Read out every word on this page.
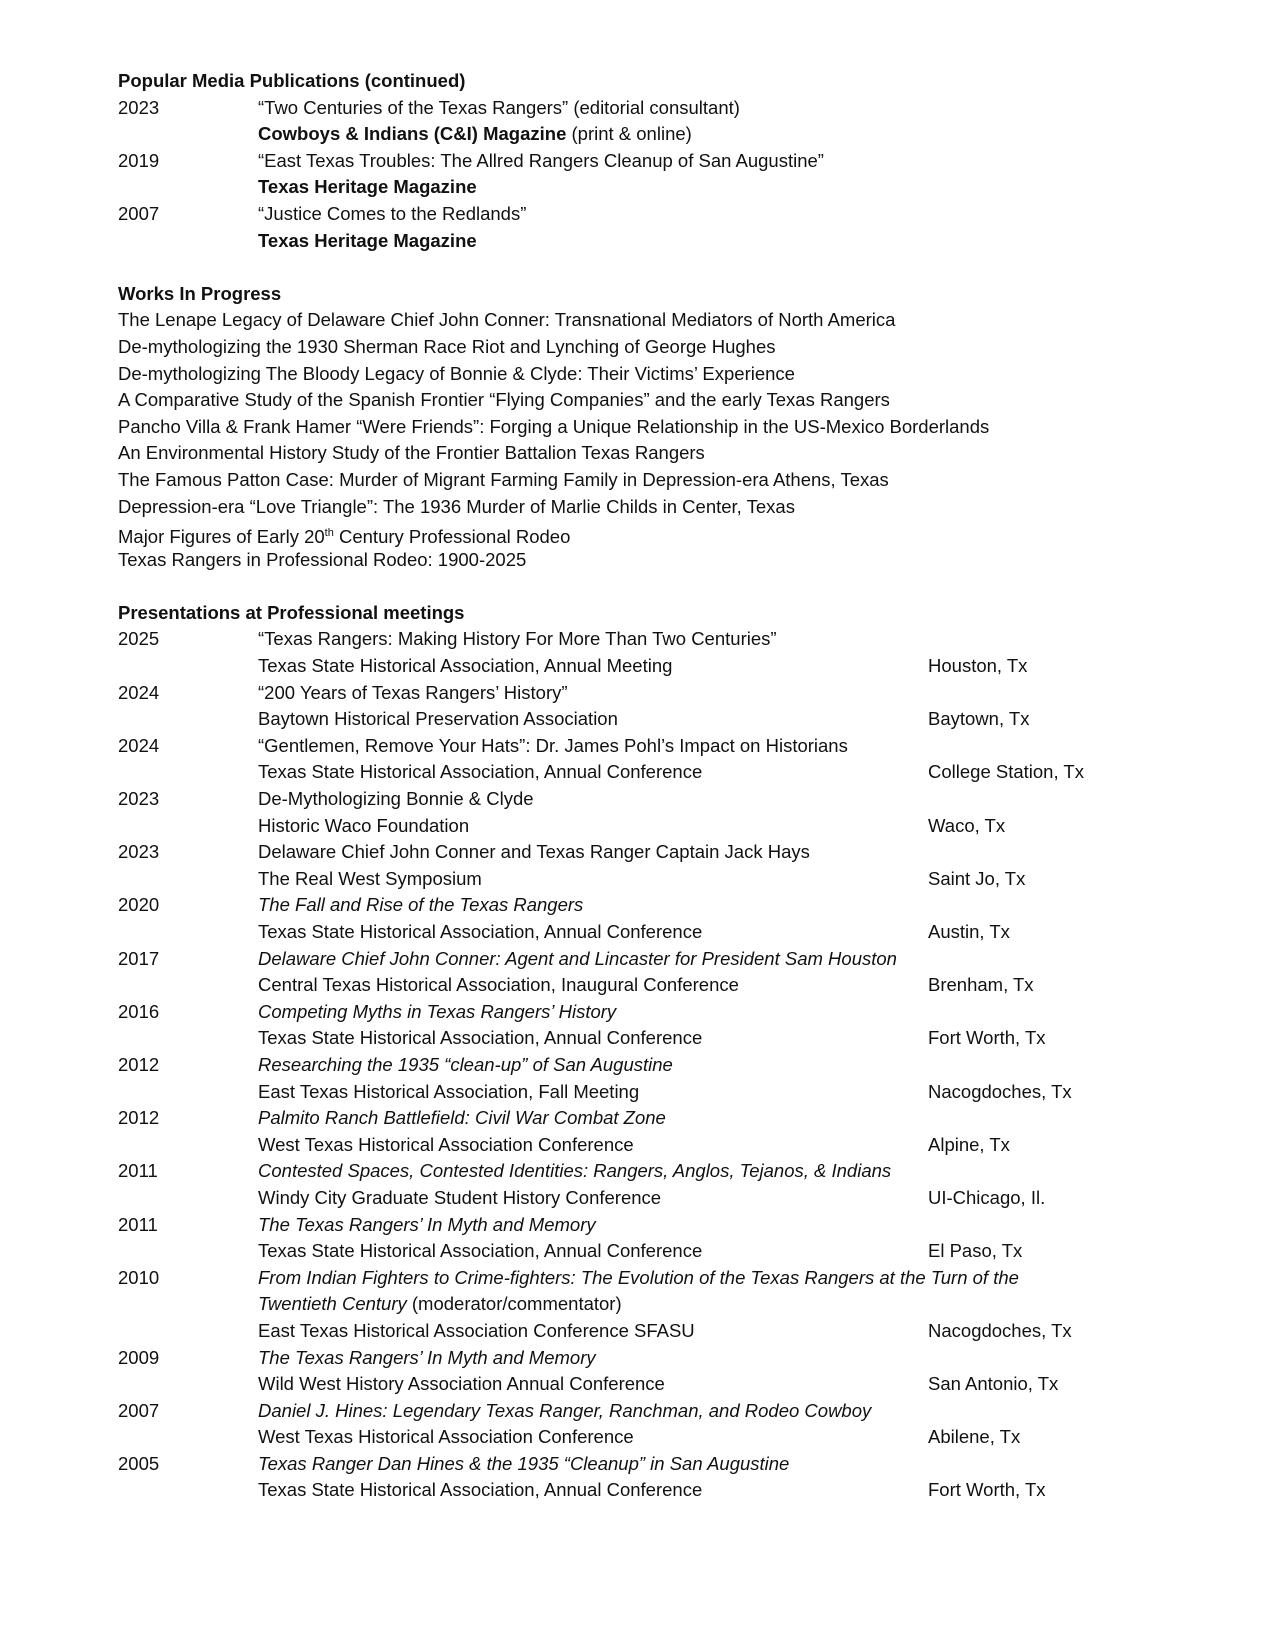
Popular Media Publications (continued)
2023	“Two Centuries of the Texas Rangers” (editorial consultant)
Cowboys & Indians (C&I) Magazine (print & online)
2019	“East Texas Troubles: The Allred Rangers Cleanup of San Augustine”
Texas Heritage Magazine
2007	“Justice Comes to the Redlands”
Texas Heritage Magazine
Works In Progress
The Lenape Legacy of Delaware Chief John Conner: Transnational Mediators of North America
De-mythologizing the 1930 Sherman Race Riot and Lynching of George Hughes
De-mythologizing The Bloody Legacy of Bonnie & Clyde: Their Victims’ Experience
A Comparative Study of the Spanish Frontier “Flying Companies” and the early Texas Rangers
Pancho Villa & Frank Hamer “Were Friends”: Forging a Unique Relationship in the US-Mexico Borderlands
An Environmental History Study of the Frontier Battalion Texas Rangers
The Famous Patton Case: Murder of Migrant Farming Family in Depression-era Athens, Texas
Depression-era “Love Triangle”: The 1936 Murder of Marlie Childs in Center, Texas
Major Figures of Early 20th Century Professional Rodeo
Texas Rangers in Professional Rodeo: 1900-2025
Presentations at Professional meetings
2025	“Texas Rangers: Making History For More Than Two Centuries”
Texas State Historical Association, Annual Meeting	Houston, Tx
2024	“200 Years of Texas Rangers’ History”
Baytown Historical Preservation Association	Baytown, Tx
2024	“Gentlemen, Remove Your Hats”: Dr. James Pohl’s Impact on Historians
Texas State Historical Association, Annual Conference	College Station, Tx
2023	De-Mythologizing Bonnie & Clyde
Historic Waco Foundation	Waco, Tx
2023	Delaware Chief John Conner and Texas Ranger Captain Jack Hays
The Real West Symposium	Saint Jo, Tx
2020	The Fall and Rise of the Texas Rangers
Texas State Historical Association, Annual Conference	Austin, Tx
2017	Delaware Chief John Conner: Agent and Lincaster for President Sam Houston
Central Texas Historical Association, Inaugural Conference	Brenham, Tx
2016	Competing Myths in Texas Rangers’ History
Texas State Historical Association, Annual Conference	Fort Worth, Tx
2012	Researching the 1935 “clean-up” of San Augustine
East Texas Historical Association, Fall Meeting	Nacogdoches, Tx
2012	Palmito Ranch Battlefield: Civil War Combat Zone
West Texas Historical Association Conference	Alpine, Tx
2011	Contested Spaces, Contested Identities: Rangers, Anglos, Tejanos, & Indians
Windy City Graduate Student History Conference	UI-Chicago, Il.
2011	The Texas Rangers’ In Myth and Memory
Texas State Historical Association, Annual Conference	El Paso, Tx
2010	From Indian Fighters to Crime-fighters: The Evolution of the Texas Rangers at the Turn of the
Twentieth Century (moderator/commentator)
East Texas Historical Association Conference SFASU	Nacogdoches, Tx
2009	The Texas Rangers’ In Myth and Memory
Wild West History Association Annual Conference	San Antonio, Tx
2007	Daniel J. Hines: Legendary Texas Ranger, Ranchman, and Rodeo Cowboy
West Texas Historical Association Conference	Abilene, Tx
2005	Texas Ranger Dan Hines & the 1935 “Cleanup” in San Augustine
Texas State Historical Association, Annual Conference	Fort Worth, Tx
